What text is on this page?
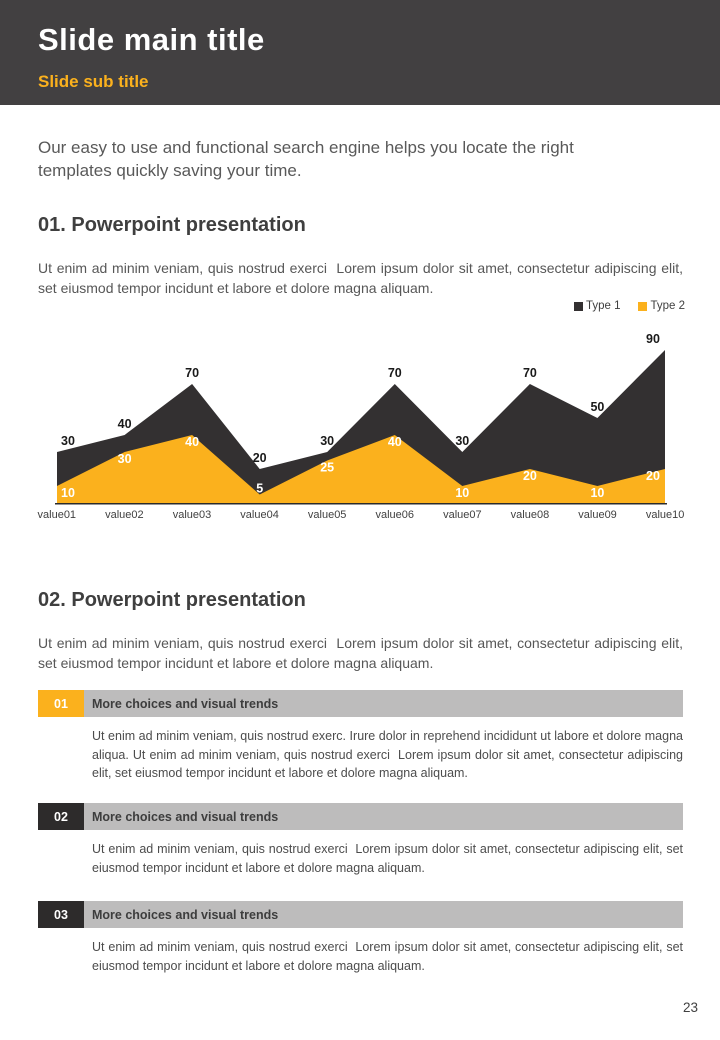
Slide main title
Slide sub title

Our easy to use and functional search engine helps you locate the right templates quickly saving your time.

01. Powerpoint presentation

Ut enim ad minim veniam, quis nostrud exerci  Lorem ipsum dolor sit amet, consectetur adipiscing elit, set eiusmod tempor incidunt et labore et dolore magna aliquam.

Type 1	Type 2
30
40
70
20
30
70
30
70
50
90
10
30
40
5
25
40
10
20
10
20
value01	value02	value03	value04	value05	value06	value07	value08	value09	value10
02. Powerpoint presentation

Ut enim ad minim veniam, quis nostrud exerci  Lorem ipsum dolor sit amet, consectetur adipiscing elit, set eiusmod tempor incidunt et labore et dolore magna aliquam.

01	More choices and visual trends

Ut enim ad minim veniam, quis nostrud exerc. Irure dolor in reprehend incididunt ut labore et dolore magna aliqua. Ut enim ad minim veniam, quis nostrud exerci  Lorem ipsum dolor sit amet, consectetur adipiscing elit, set eiusmod tempor incidunt et labore et dolore magna aliquam.

02	More choices and visual trends

Ut enim ad minim veniam, quis nostrud exerci  Lorem ipsum dolor sit amet, consectetur adipiscing elit, set eiusmod tempor incidunt et labore et dolore magna aliquam.

03	More choices and visual trends

Ut enim ad minim veniam, quis nostrud exerci  Lorem ipsum dolor sit amet, consectetur adipiscing elit, set eiusmod tempor incidunt et labore et dolore magna aliquam.

23
